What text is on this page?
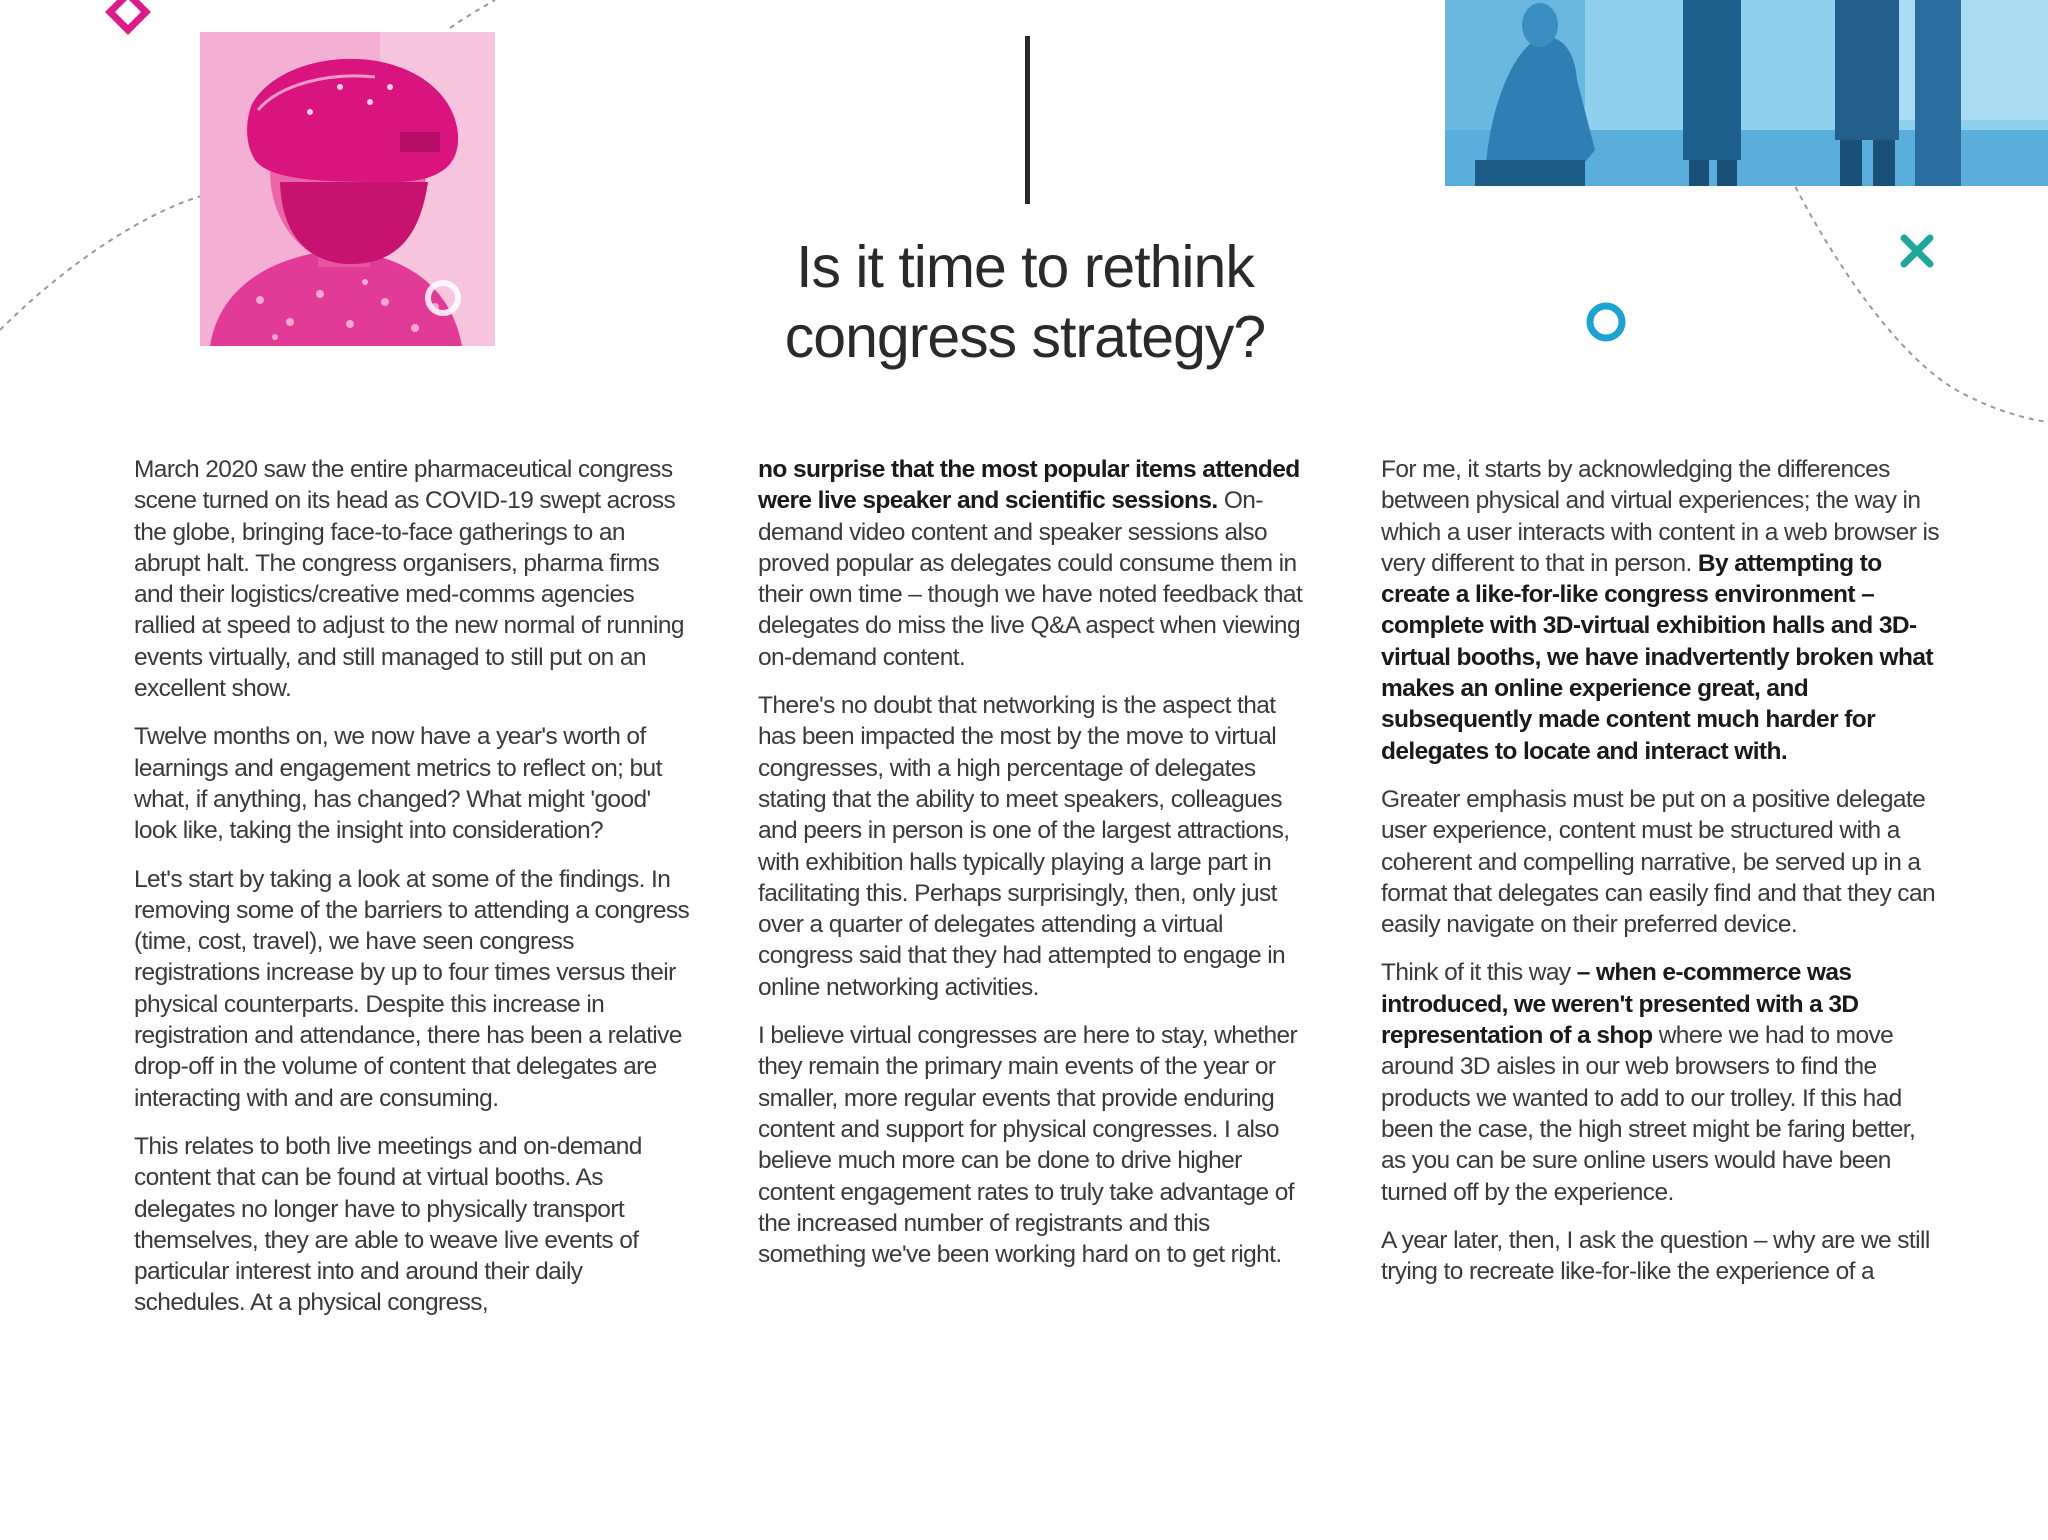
Is it time to rethink
congress strategy?

March 2020 saw the entire pharmaceutical congress scene turned on its head as COVID-19 swept across the globe, bringing face-to-face gatherings to an abrupt halt. The congress organisers, pharma firms and their logistics/creative med-comms agencies rallied at speed to adjust to the new normal of running events virtually, and still managed to still put on an excellent show.

Twelve months on, we now have a year's worth of learnings and engagement metrics to reflect on; but what, if anything, has changed? What might 'good' look like, taking the insight into consideration?

Let's start by taking a look at some of the findings. In removing some of the barriers to attending a congress (time, cost, travel), we have seen congress registrations increase by up to four times versus their physical counterparts. Despite this increase in registration and attendance, there has been a relative drop-off in the volume of content that delegates are interacting with and are consuming.

This relates to both live meetings and on-demand content that can be found at virtual booths. As delegates no longer have to physically transport themselves, they are able to weave live events of particular interest into and around their daily schedules. At a physical congress,

no surprise that the most popular items attended were live speaker and scientific sessions. On-demand video content and speaker sessions also proved popular as delegates could consume them in their own time – though we have noted feedback that delegates do miss the live Q&A aspect when viewing on-demand content.

There's no doubt that networking is the aspect that has been impacted the most by the move to virtual congresses, with a high percentage of delegates stating that the ability to meet speakers, colleagues and peers in person is one of the largest attractions, with exhibition halls typically playing a large part in facilitating this. Perhaps surprisingly, then, only just over a quarter of delegates attending a virtual congress said that they had attempted to engage in online networking activities.

I believe virtual congresses are here to stay, whether they remain the primary main events of the year or smaller, more regular events that provide enduring content and support for physical congresses. I also believe much more can be done to drive higher content engagement rates to truly take advantage of the increased number of registrants and this something we've been working hard on to get right.

For me, it starts by acknowledging the differences between physical and virtual experiences; the way in which a user interacts with content in a web browser is very different to that in person. By attempting to create a like-for-like congress environment – complete with 3D-virtual exhibition halls and 3D-virtual booths, we have inadvertently broken what makes an online experience great, and subsequently made content much harder for delegates to locate and interact with.

Greater emphasis must be put on a positive delegate user experience, content must be structured with a coherent and compelling narrative, be served up in a format that delegates can easily find and that they can easily navigate on their preferred device.

Think of it this way – when e-commerce was introduced, we weren't presented with a 3D representation of a shop where we had to move around 3D aisles in our web browsers to find the products we wanted to add to our trolley. If this had been the case, the high street might be faring better, as you can be sure online users would have been turned off by the experience.

A year later, then, I ask the question – why are we still trying to recreate like-for-like the experience of a
